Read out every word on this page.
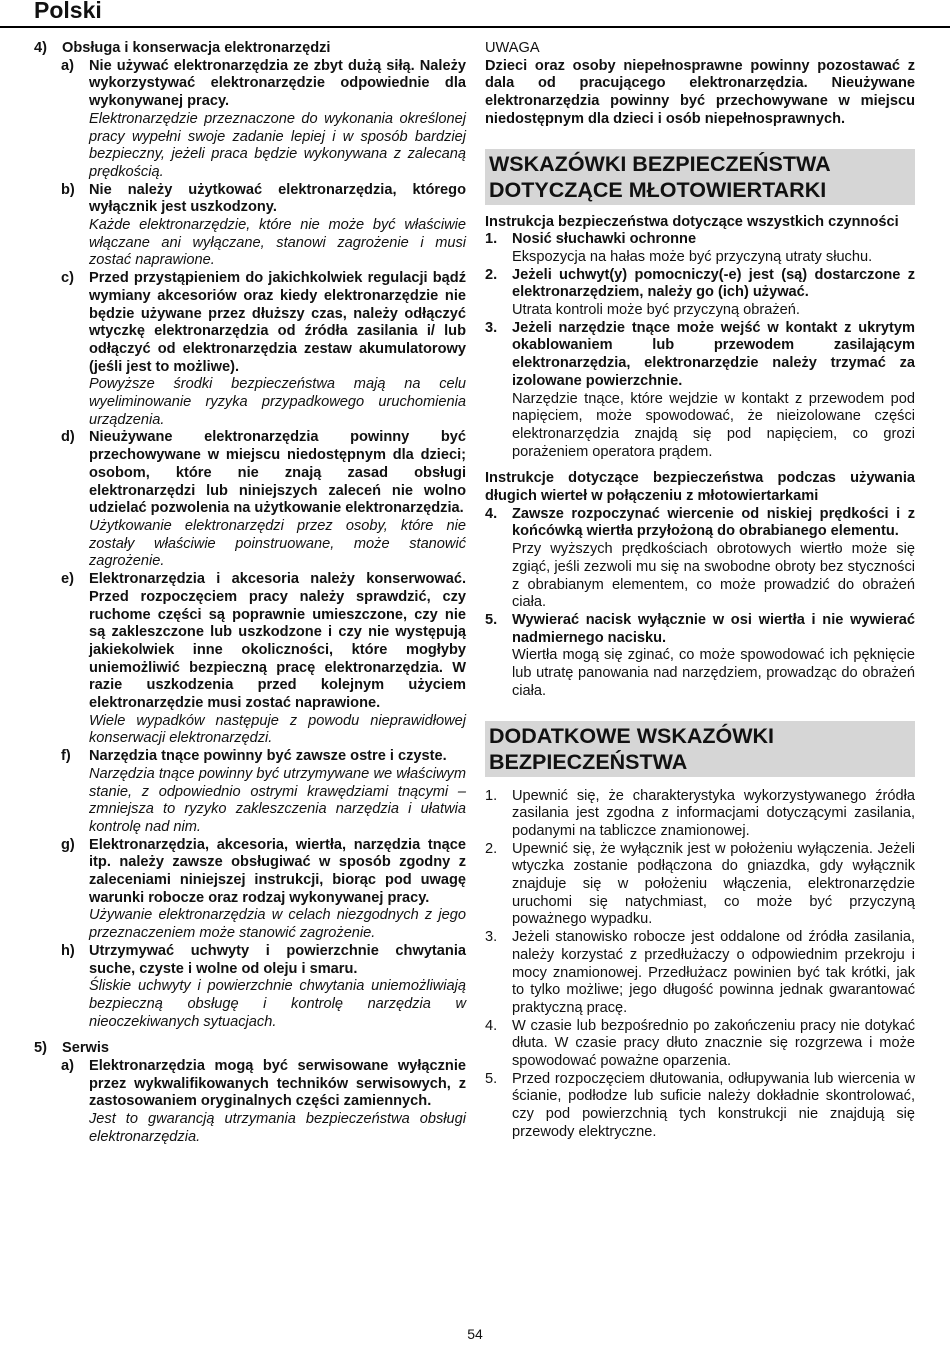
Polski
4) Obsługa i konserwacja elektronarzędzi
a) Nie używać elektronarzędzia ze zbyt dużą siłą. Należy wykorzystywać elektronarzędzie odpowiednie dla wykonywanej pracy.
Elektronarzędzie przeznaczone do wykonania określonej pracy wypełni swoje zadanie lepiej i w sposób bardziej bezpieczny, jeżeli praca będzie wykonywana z zalecaną prędkością.
b) Nie należy użytkować elektronarzędzia, którego wyłącznik jest uszkodzony.
Każde elektronarzędzie, które nie może być właściwie włączane ani wyłączane, stanowi zagrożenie i musi zostać naprawione.
c) Przed przystąpieniem do jakichkolwiek regulacji bądź wymiany akcesoriów oraz kiedy elektronarzędzie nie będzie używane przez dłuższy czas, należy odłączyć wtyczkę elektronarzędzia od źródła zasilania i/ lub odłączyć od elektronarzędzia zestaw akumulatorowy (jeśli jest to możliwe).
Powyższe środki bezpieczeństwa mają na celu wyeliminowanie ryzyka przypadkowego uruchomienia urządzenia.
d) Nieużywane elektronarzędzia powinny być przechowywane w miejscu niedostępnym dla dzieci; osobom, które nie znają zasad obsługi elektronarzędzi lub niniejszych zaleceń nie wolno udzielać pozwolenia na użytkowanie elektronarzędzia.
Użytkowanie elektronarzędzi przez osoby, które nie zostały właściwie poinstruowane, może stanowić zagrożenie.
e) Elektronarzędzia i akcesoria należy konserwować. Przed rozpoczęciem pracy należy sprawdzić, czy ruchome części są poprawnie umieszczone, czy nie są zakleszczone lub uszkodzone i czy nie występują jakiekolwiek inne okoliczności, które mogłyby uniemożliwić bezpieczną pracę elektronarzędzia. W razie uszkodzenia przed kolejnym użyciem elektronarzędzie musi zostać naprawione.
Wiele wypadków następuje z powodu nieprawidłowej konserwacji elektronarzędzi.
f) Narzędzia tnące powinny być zawsze ostre i czyste.
Narzędzia tnące powinny być utrzymywane we właściwym stanie, z odpowiednio ostrymi krawędziami tnącymi – zmniejsza to ryzyko zakleszczenia narzędzia i ułatwia kontrolę nad nim.
g) Elektronarzędzia, akcesoria, wiertła, narzędzia tnące itp. należy zawsze obsługiwać w sposób zgodny z zaleceniami niniejszej instrukcji, biorąc pod uwagę warunki robocze oraz rodzaj wykonywanej pracy.
Używanie elektronarzędzia w celach niezgodnych z jego przeznaczeniem może stanowić zagrożenie.
h) Utrzymywać uchwyty i powierzchnie chwytania suche, czyste i wolne od oleju i smaru.
Śliskie uchwyty i powierzchnie chwytania uniemożliwiają bezpieczną obsługę i kontrolę narzędzia w nieoczekiwanych sytuacjach.
5) Serwis
a) Elektronarzędzia mogą być serwisowane wyłącznie przez wykwalifikowanych techników serwisowych, z zastosowaniem oryginalnych części zamiennych.
Jest to gwarancją utrzymania bezpieczeństwa obsługi elektronarzędzia.
UWAGA
Dzieci oraz osoby niepełnosprawne powinny pozostawać z dala od pracującego elektronarzędzia. Nieużywane elektronarzędzia powinny być przechowywane w miejscu niedostępnym dla dzieci i osób niepełnosprawnych.
WSKAZÓWKI BEZPIECZEŃSTWA DOTYCZĄCE MŁOTOWIERTARKI
Instrukcja bezpieczeństwa dotyczące wszystkich czynności
1. Nosić słuchawki ochronne
Ekspozycja na hałas może być przyczyną utraty słuchu.
2. Jeżeli uchwyt(y) pomocniczy(-e) jest (są) dostarczone z elektronarzędziem, należy go (ich) używać.
Utrata kontroli może być przyczyną obrażeń.
3. Jeżeli narzędzie tnące może wejść w kontakt z ukrytym okablowaniem lub przewodem zasilającym elektronarzędzia, elektronarzędzie należy trzymać za izolowane powierzchnie.
Narzędzie tnące, które wejdzie w kontakt z przewodem pod napięciem, może spowodować, że nieizolowane części elektronarzędzia znajdą się pod napięciem, co grozi porażeniem operatora prądem.
Instrukcje dotyczące bezpieczeństwa podczas używania długich wierteł w połączeniu z młotowiertarkami
4. Zawsze rozpoczynać wiercenie od niskiej prędkości i z końcówką wiertła przyłożoną do obrabianego elementu.
Przy wyższych prędkościach obrotowych wiertło może się zgiąć, jeśli zezwoli mu się na swobodne obroty bez styczności z obrabianym elementem, co może prowadzić do obrażeń ciała.
5. Wywierać nacisk wyłącznie w osi wiertła i nie wywierać nadmiernego nacisku.
Wiertła mogą się zginać, co może spowodować ich pęknięcie lub utratę panowania nad narzędziem, prowadząc do obrażeń ciała.
DODATKOWE WSKAZÓWKI BEZPIECZEŃSTWA
1. Upewnić się, że charakterystyka wykorzystywanego źródła zasilania jest zgodna z informacjami dotyczącymi zasilania, podanymi na tabliczce znamionowej.
2. Upewnić się, że wyłącznik jest w położeniu wyłączenia. Jeżeli wtyczka zostanie podłączona do gniazdka, gdy wyłącznik znajduje się w położeniu włączenia, elektronarzędzie uruchomi się natychmiast, co może być przyczyną poważnego wypadku.
3. Jeżeli stanowisko robocze jest oddalone od źródła zasilania, należy korzystać z przedłużaczy o odpowiednim przekroju i mocy znamionowej. Przedłużacz powinien być tak krótki, jak to tylko możliwe; jego długość powinna jednak gwarantować praktyczną pracę.
4. W czasie lub bezpośrednio po zakończeniu pracy nie dotykać dłuta. W czasie pracy dłuto znacznie się rozgrzewa i może spowodować poważne oparzenia.
5. Przed rozpoczęciem dłutowania, odłupywania lub wiercenia w ścianie, podłodze lub suficie należy dokładnie skontrolować, czy pod powierzchnią tych konstrukcji nie znajdują się przewody elektryczne.
54
